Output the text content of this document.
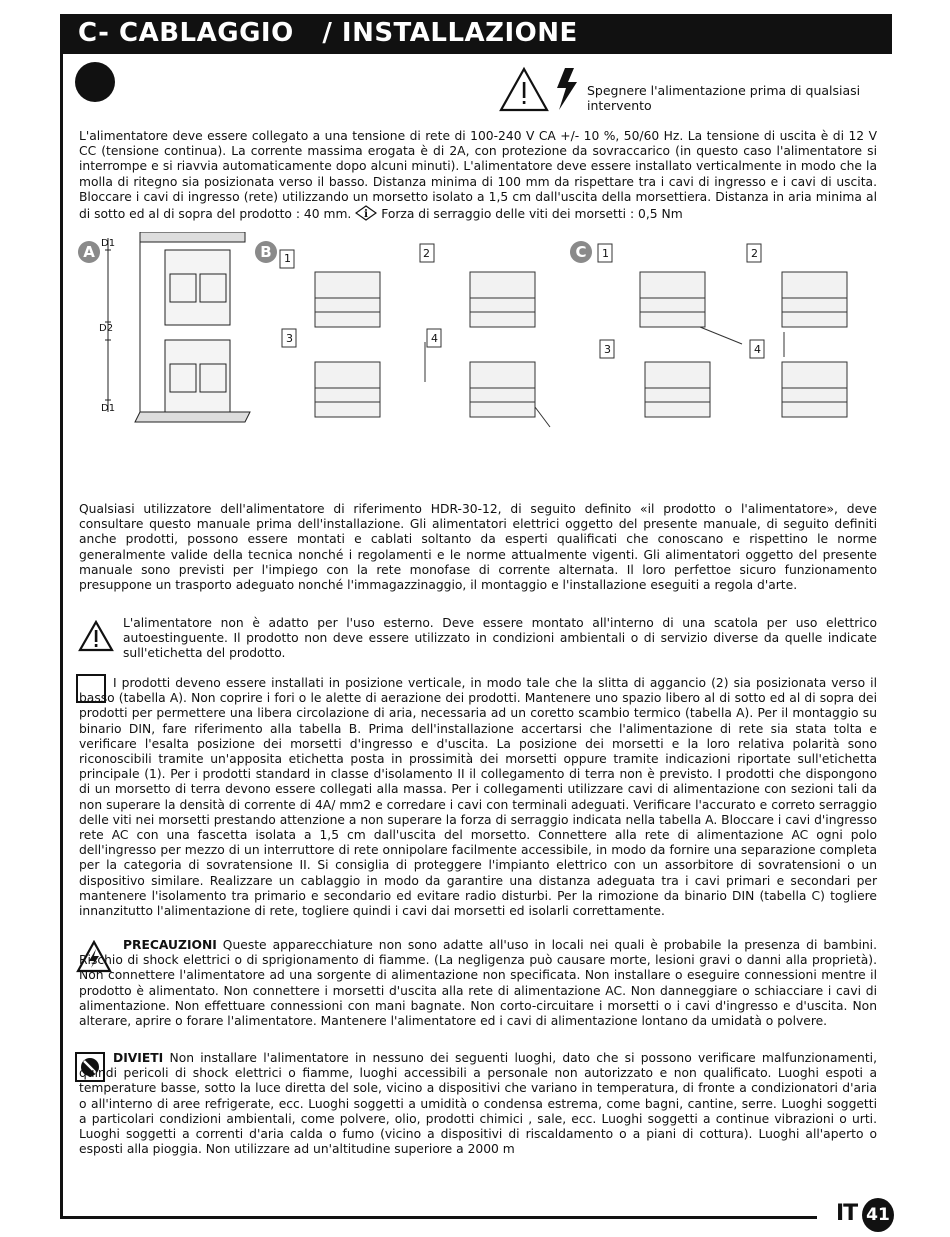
C- CABLAGGIO   / INSTALLAZIONE
Spegnere l'alimentazione prima di qualsiasi intervento
L'alimentatore deve essere collegato a una tensione di rete di 100-240 V CA +/- 10 %, 50/60 Hz. La tensione di uscita è di 12 V CC (tensione continua). La corrente massima erogata è di 2A, con protezione da sovraccarico (in questo caso l'alimentatore si interrompe e si riavvia automaticamente dopo alcuni minuti). L'alimentatore deve essere installato verticalmente in modo che la molla di ritegno sia posizionata verso il basso. Distanza minima di 100 mm da rispettare tra i cavi di ingresso e i cavi di uscita. Bloccare i cavi di ingresso (rete) utilizzando un morsetto isolato a 1,5 cm dall'uscita della morsettiera. Distanza in aria minima al di sotto ed al di sopra del prodotto : 40 mm. i Forza di serraggio delle viti dei morsetti : 0,5 Nm
A	B	C
D1
D2
D1
1	2
3	4
1	2
3	4
Qualsiasi utilizzatore dell'alimentatore di riferimento HDR-30-12, di seguito definito «il prodotto o l'alimentatore», deve consultare questo manuale prima dell'installazione. Gli alimentatori elettrici oggetto del presente manuale, di seguito definiti anche prodotti, possono essere montati e cablati soltanto da esperti qualificati che conoscano e rispettino le norme generalmente valide della tecnica nonché i regolamenti e le norme attualmente vigenti. Gli alimentatori oggetto del presente manuale sono previsti per l'impiego con la rete monofase di corrente alternata. Il loro perfettoe sicuro funzionamento presuppone un trasporto adeguato nonché l'immagazzinaggio, il montaggio e l'installazione eseguiti a regola d'arte.
L'alimentatore non è adatto per l'uso esterno. Deve essere montato all'interno di una scatola per uso elettrico autoestinguente. Il prodotto non deve essere utilizzato in condizioni ambientali o di servizio diverse da quelle indicate sull'etichetta del prodotto.
I prodotti deveno essere installati in posizione verticale, in modo tale che la slitta di aggancio (2) sia posizionata verso il basso (tabella A). Non coprire i fori o le alette di aerazione dei prodotti. Mantenere uno spazio libero al di sotto ed al di sopra dei prodotti per permettere una libera circolazione di aria, necessaria ad un coretto scambio termico (tabella A). Per il montaggio su binario DIN, fare riferimento alla tabella B. Prima dell'installazione accertarsi che l'alimentazione di rete sia stata tolta e verificare l'esalta posizione dei morsetti d'ingresso e d'uscita. La posizione dei morsetti e la loro relativa polarità sono riconoscibili tramite un'apposita etichetta posta in prossimità dei morsetti oppure tramite indicazioni riportate sull'etichetta principale (1). Per i prodotti standard in classe d'isolamento II il collegamento di terra non è previsto. I prodotti che dispongono di un morsetto di terra devono essere collegati alla massa. Per i collegamenti utilizzare cavi di alimentazione con sezioni tali da non superare la densità di corrente di 4A/ mm2 e corredare i cavi con terminali adeguati. Verificare l'accurato e correto serraggio delle viti nei morsetti prestando attenzione a non superare la forza di serraggio indicata nella tabella A. Bloccare i cavi d'ingresso rete AC con una fascetta isolata a 1,5 cm dall'uscita del morsetto. Connettere alla rete di alimentazione AC ogni polo dell'ingresso per mezzo di un interruttore di rete onnipolare facilmente accessibile, in modo da fornire una separazione completa per la categoria di sovratensione II. Si consiglia di proteggere l'impianto elettrico con un assorbitore di sovratensioni o un dispositivo similare. Realizzare un cablaggio in modo da garantire una distanza adeguata tra i cavi primari e secondari per mantenere l'isolamento tra primario e secondario ed evitare radio disturbi. Per la rimozione da binario DIN (tabella C) togliere innanzitutto l'alimentazione di rete, togliere quindi i cavi dai morsetti ed isolarli correttamente.
PRECAUZIONI Queste apparecchiature non sono adatte all'uso in locali nei quali è probabile la presenza di bambini. Rischio di shock elettrici o di sprigionamento di fiamme. (La negligenza può causare morte, lesioni gravi o danni alla proprietà). Non connettere l'alimentatore ad una sorgente di alimentazione non specificata. Non installare o eseguire connessioni mentre il prodotto è alimentato. Non connettere i morsetti d'uscita alla rete di alimentazione AC. Non danneggiare o schiacciare i cavi di alimentazione. Non effettuare connessioni con mani bagnate. Non corto-circuitare i morsetti o i cavi d'ingresso e d'uscita. Non alterare, aprire o forare l'alimentatore. Mantenere l'alimentatore ed i cavi di alimentazione lontano da umidatà o polvere.
DIVIETI Non installare l'alimentatore in nessuno dei seguenti luoghi, dato che si possono verificare malfunzionamenti, quindi pericoli di shock elettrici o fiamme, luoghi accessibili a personale non autorizzato e non qualificato. Luoghi espoti a temperature basse, sotto la luce diretta del sole, vicino a dispositivi che variano in temperatura, di fronte a condizionatori d'aria o all'interno di aree refrigerate, ecc. Luoghi soggetti a umidità o condensa estrema, come bagni, cantine, serre. Luoghi soggetti a particolari condizioni ambientali, come polvere, olio, prodotti chimici , sale, ecc. Luoghi soggetti a continue vibrazioni o urti. Luoghi soggetti a correnti d'aria calda o fumo (vicino a dispositivi di riscaldamento o a piani di cottura). Luoghi all'aperto o esposti alla pioggia. Non utilizzare ad un'altitudine superiore a 2000 m
IT 41
